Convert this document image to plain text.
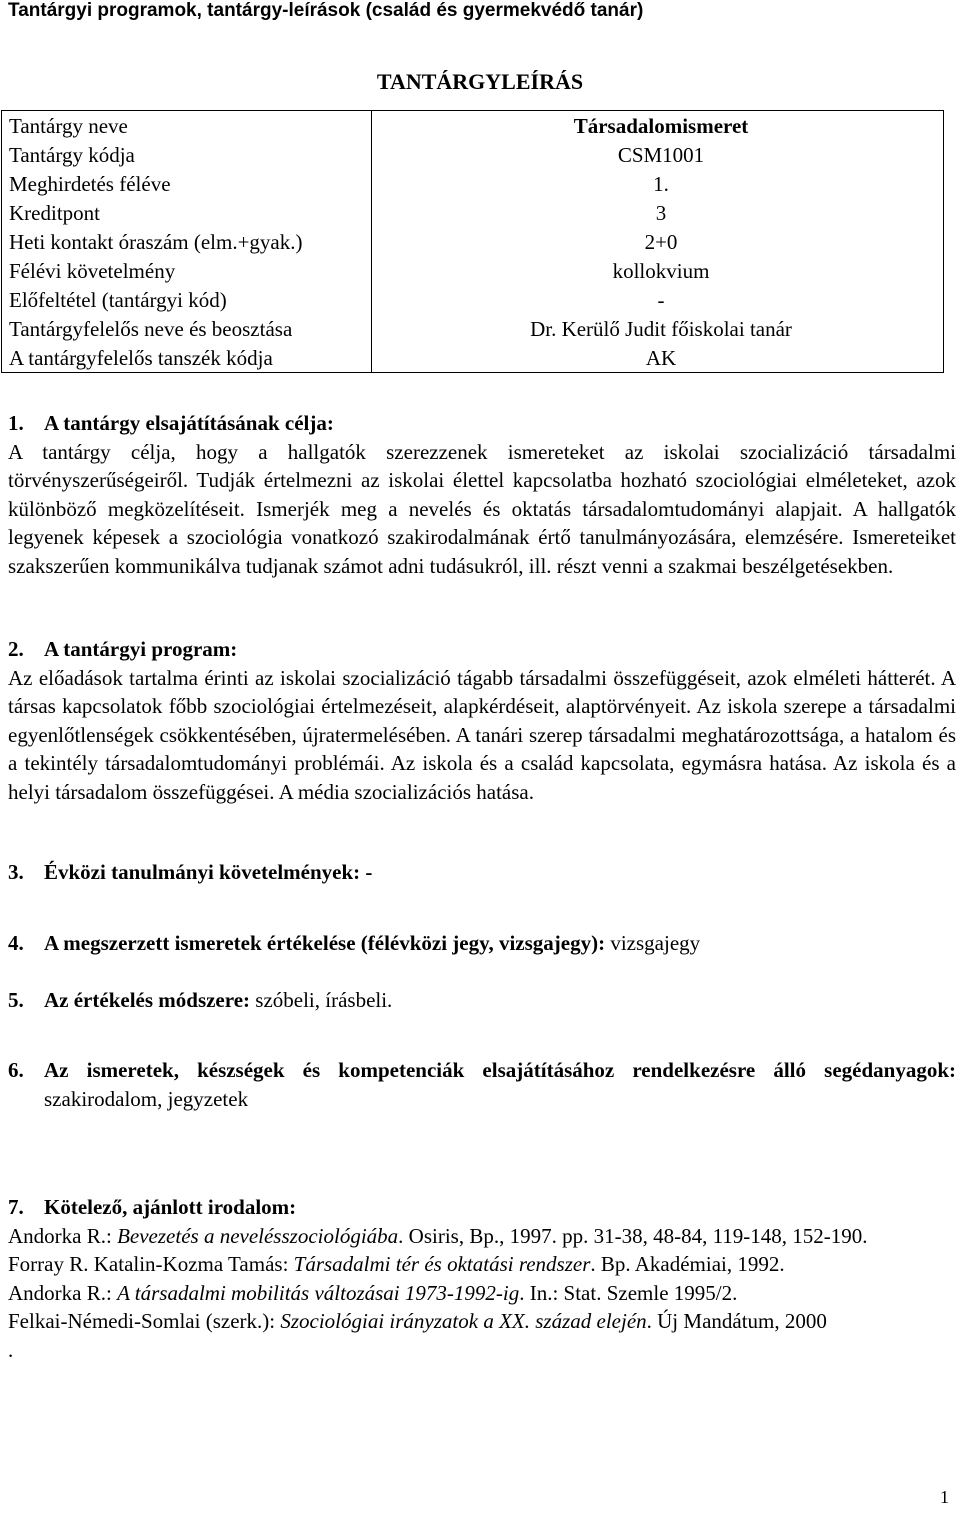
Tantárgyi programok, tantárgy-leírások (család és gyermekvédő tanár)
TANTÁRGYLEÍRÁS
Tantárgy neve	Társadalomismeret
Tantárgy kódja	CSM1001
Meghirdetés féléve	1.
Kreditpont	3
Heti kontakt óraszám (elm.+gyak.)	2+0
Félévi követelmény	kollokvium
Előfeltétel (tantárgyi kód)	-
Tantárgyfelelős neve és beosztása	Dr. Kerülő Judit főiskolai tanár
A tantárgyfelelős tanszék kódja	AK
1. A tantárgy elsajátításának célja:
A tantárgy célja, hogy a hallgatók szerezzenek ismereteket az iskolai szocializáció társadalmi törvényszerűségeiről. Tudják értelmezni az iskolai élettel kapcsolatba hozható szociológiai elméleteket, azok különböző megközelítéseit. Ismerjék meg a nevelés és oktatás társadalomtudományi alapjait. A hallgatók legyenek képesek a szociológia vonatkozó szakirodalmának értő tanulmányozására, elemzésére. Ismereteiket szakszerűen kommunikálva tudjanak számot adni tudásukról, ill. részt venni a szakmai beszélgetésekben.
2. A tantárgyi program:
Az előadások tartalma érinti az iskolai szocializáció tágabb társadalmi összefüggéseit, azok elméleti hátterét. A társas kapcsolatok főbb szociológiai értelmezéseit, alapkérdéseit, alaptörvényeit. Az iskola szerepe a társadalmi egyenlőtlenségek csökkentésében, újratermelésében. A tanári szerep társadalmi meghatározottsága, a hatalom és a tekintély társadalomtudományi problémái. Az iskola és a család kapcsolata, egymásra hatása. Az iskola és a helyi társadalom összefüggései. A média szocializációs hatása.
3. Évközi tanulmányi követelmények: -
4. A megszerzett ismeretek értékelése (félévközi jegy, vizsgajegy): vizsgajegy
5. Az értékelés módszere: szóbeli, írásbeli.
6. Az ismeretek, készségek és kompetenciák elsajátításához rendelkezésre álló segédanyagok: szakirodalom, jegyzetek
7. Kötelező, ajánlott irodalom:
Andorka R.: Bevezetés a nevelésszociológiába. Osiris, Bp., 1997. pp. 31-38, 48-84, 119-148, 152-190.
Forray R. Katalin-Kozma Tamás: Társadalmi tér és oktatási rendszer. Bp. Akadémiai, 1992.
Andorka R.: A társadalmi mobilitás változásai 1973-1992-ig. In.: Stat. Szemle 1995/2.
Felkai-Némedi-Somlai (szerk.): Szociológiai irányzatok a XX. század elején. Új Mandátum, 2000
.
1
